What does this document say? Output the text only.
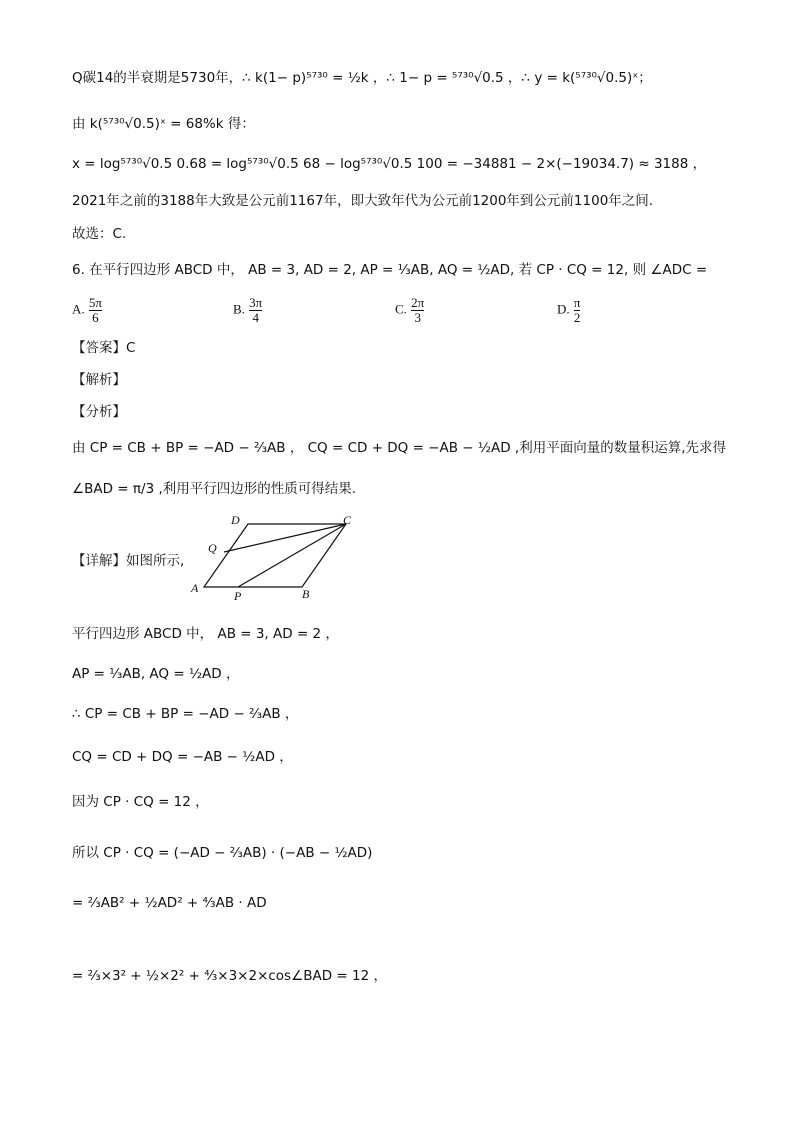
Q碳14的半衰期是5730年，∴ k(1− p)⁵⁷³⁰ = ½k ，∴ 1− p = ⁵⁷³⁰√0.5 ，∴ y = k(⁵⁷³⁰√0.5)ˣ；
由 k(⁵⁷³⁰√0.5)ˣ = 68%k 得：
x = log⁵⁷³⁰√0.5 0.68 = log⁵⁷³⁰√0.5 68 − log⁵⁷³⁰√0.5 100 = −34881 − 2×(−19034.7) ≈ 3188 ，
2021年之前的3188年大致是公元前1167年，即大致年代为公元前1200年到公元前1100年之间.
故选：C.
6. 在平行四边形 ABCD 中， AB = 3, AD = 2, AP = ⅓AB, AQ = ½AD, 若 CP · CQ = 12, 则 ∠ADC =
A. $\frac{5\pi}{6}$	B. $\frac{3\pi}{4}$	C. $\frac{2\pi}{3}$	D. $\frac{\pi}{2}$
【答案】C
【解析】
【分析】
由 CP = CB + BP = −AD − ⅔AB ， CQ = CD + DQ = −AB − ½AD ,利用平面向量的数量积运算,先求得
∠BAD = π/3 ,利用平行四边形的性质可得结果.
【详解】如图所示,
A	B
C
D
P
Q
平行四边形 ABCD 中， AB = 3, AD = 2 ，
AP = ⅓AB, AQ = ½AD ，
∴ CP = CB + BP = −AD − ⅔AB ，
CQ = CD + DQ = −AB − ½AD ，
因为 CP · CQ = 12 ，
所以 CP · CQ = (−AD − ⅔AB) · (−AB − ½AD)
= ⅔AB² + ½AD² + ⁴⁄₃AB · AD
= ⅔×3² + ½×2² + ⁴⁄₃×3×2×cos∠BAD = 12 ，
